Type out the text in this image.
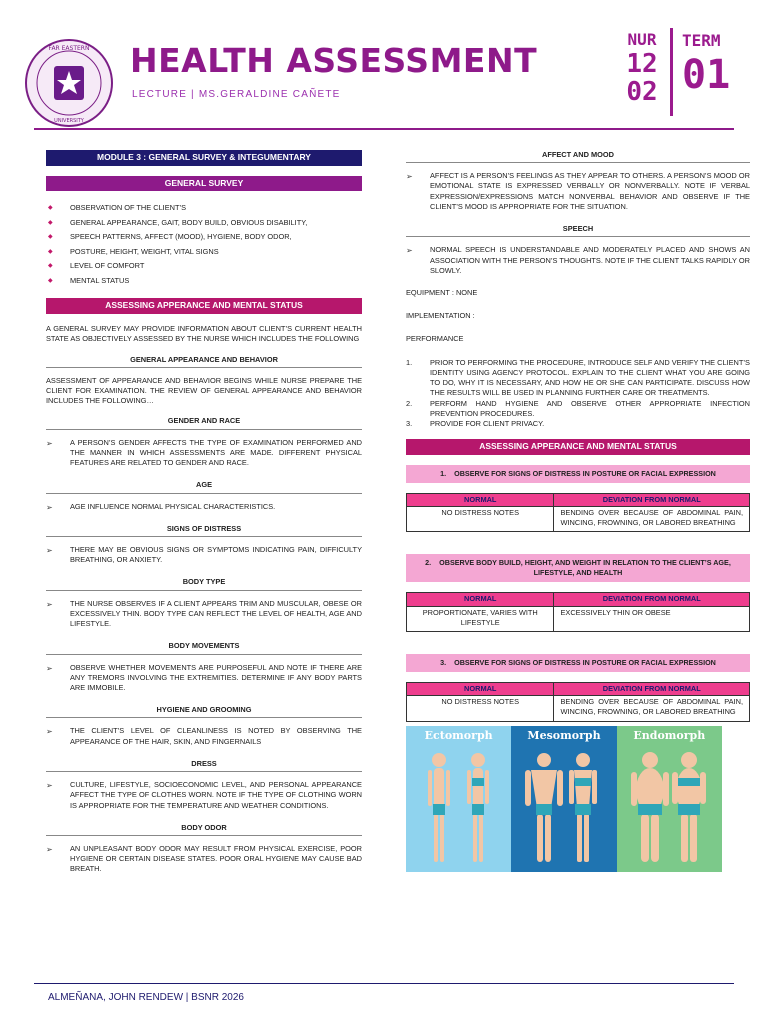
FAR EASTERN
UNIVERSITY
HEALTH ASSESSMENT
LECTURE | MS.GERALDINE CAÑETE
NUR
12
02
TERM
01
MODULE 3 : GENERAL SURVEY & INTEGUMENTARY
GENERAL SURVEY
◆ OBSERVATION OF THE CLIENT’S
◆ GENERAL APPEARANCE, GAIT, BODY BUILD, OBVIOUS DISABILITY,
◆ SPEECH PATTERNS, AFFECT (MOOD), HYGIENE, BODY ODOR,
◆ POSTURE, HEIGHT, WEIGHT, VITAL SIGNS
◆ LEVEL OF COMFORT
◆ MENTAL STATUS
ASSESSING APPERANCE AND MENTAL STATUS
A GENERAL SURVEY MAY PROVIDE INFORMATION ABOUT CLIENT’S CURRENT HEALTH STATE AS OBJECTIVELY ASSESSED BY THE NURSE WHICH INCLUDES THE FOLLOWING
GENERAL APPEARANCE AND BEHAVIOR
ASSESSMENT OF APPEARANCE AND BEHAVIOR BEGINS WHILE NURSE PREPARE THE CLIENT FOR EXAMINATION. THE REVIEW OF GENERAL APPEARANCE AND BEHAVIOR INCLUDES THE FOLLOWING…
GENDER AND RACE
➢ A PERSON’S GENDER AFFECTS THE TYPE OF EXAMINATION PERFORMED AND THE MANNER IN WHICH ASSESSMENTS ARE MADE. DIFFERENT PHYSICAL FEATURES ARE RELATED TO GENDER AND RACE.
AGE
➢ AGE INFLUENCE NORMAL PHYSICAL CHARACTERISTICS.
SIGNS OF DISTRESS
➢ THERE MAY BE OBVIOUS SIGNS OR SYMPTOMS INDICATING PAIN, DIFFICULTY BREATHING, OR ANXIETY.
BODY TYPE
➢ THE NURSE OBSERVES IF A CLIENT APPEARS TRIM AND MUSCULAR, OBESE OR EXCESSIVELY THIN. BODY TYPE CAN REFLECT THE LEVEL OF HEALTH, AGE AND LIFESTYLE.
BODY MOVEMENTS
➢ OBSERVE WHETHER MOVEMENTS ARE PURPOSEFUL AND NOTE IF THERE ARE ANY TREMORS INVOLVING THE EXTREMITIES. DETERMINE IF ANY BODY PARTS ARE IMMOBILE.
HYGIENE AND GROOMING
➢ THE CLIENT’S LEVEL OF CLEANLINESS IS NOTED BY OBSERVING THE APPEARANCE OF THE HAIR, SKIN, AND FINGERNAILS
DRESS
➢ CULTURE, LIFESTYLE, SOCIOECONOMIC LEVEL, AND PERSONAL APPEARANCE AFFECT THE TYPE OF CLOTHES WORN. NOTE IF THE TYPE OF CLOTHING WORN IS APPROPRIATE FOR THE TEMPERATURE AND WEATHER CONDITIONS.
BODY ODOR
➢ AN UNPLEASANT BODY ODOR MAY RESULT FROM PHYSICAL EXERCISE, POOR HYGIENE OR CERTAIN DISEASE STATES. POOR ORAL HYGIENE MAY CAUSE BAD BREATH.
AFFECT AND MOOD
➢ AFFECT IS A PERSON’S FEELINGS AS THEY APPEAR TO OTHERS. A PERSON’S MOOD OR EMOTIONAL STATE IS EXPRESSED VERBALLY OR NONVERBALLY. NOTE IF VERBAL EXPRESSION/EXPRESSIONS MATCH NONVERBAL BEHAVIOR AND OBSERVE IF THE CLIENT’S MOOD IS APPROPRIATE FOR THE SITUATION.
SPEECH
➢ NORMAL SPEECH IS UNDERSTANDABLE AND MODERATELY PLACED AND SHOWS AN ASSOCIATION WITH THE PERSON’S THOUGHTS. NOTE IF THE CLIENT TALKS RAPIDLY OR SLOWLY.
EQUIPMENT : NONE
IMPLEMENTATION :
PERFORMANCE
1. PRIOR TO PERFORMING THE PROCEDURE, INTRODUCE SELF AND VERIFY THE CLIENT’S IDENTITY USING AGENCY PROTOCOL. EXPLAIN TO THE CLIENT WHAT YOU ARE GOING TO DO, WHY IT IS NECESSARY, AND HOW HE OR SHE CAN PARTICIPATE. DISCUSS HOW THE RESULTS WILL BE USED IN PLANNING FURTHER CARE OR TREATMENTS.
2. PERFORM HAND HYGIENE AND OBSERVE OTHER APPROPRIATE INFECTION PREVENTION PROCEDURES.
3. PROVIDE FOR CLIENT PRIVACY.
ASSESSING APPERANCE AND MENTAL STATUS
1. OBSERVE FOR SIGNS OF DISTRESS IN POSTURE OR FACIAL EXPRESSION
NORMAL	DEVIATION FROM NORMAL
NO DISTRESS NOTES	BENDING OVER BECAUSE OF ABDOMINAL PAIN, WINCING, FROWNING, OR LABORED BREATHING
2. OBSERVE BODY BUILD, HEIGHT, AND WEIGHT IN RELATION TO THE CLIENT’S AGE, LIFESTYLE, AND HEALTH
NORMAL	DEVIATION FROM NORMAL
PROPORTIONATE, VARIES WITH LIFESTYLE	EXCESSIVELY THIN OR OBESE
3. OBSERVE FOR SIGNS OF DISTRESS IN POSTURE OR FACIAL EXPRESSION
NORMAL	DEVIATION FROM NORMAL
NO DISTRESS NOTES	BENDING OVER BECAUSE OF ABDOMINAL PAIN, WINCING, FROWNING, OR LABORED BREATHING
Ectomorph	Mesomorph	Endomorph
ALMEÑANA, JOHN RENDEW | BSNR 2026
